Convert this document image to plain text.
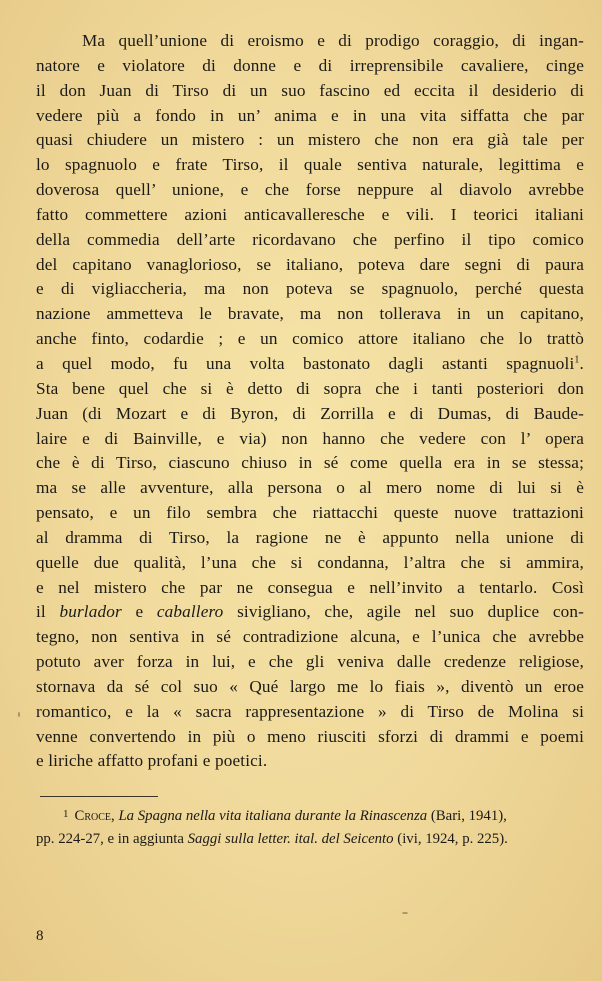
Ma quell’unione di eroismo e di prodigo coraggio, di ingan-
natore e violatore di donne e di irreprensibile cavaliere, cinge
il don Juan di Tirso di un suo fascino ed eccita il desiderio di
vedere più a fondo in un’ anima e in una vita siffatta che par
quasi chiudere un mistero : un mistero che non era già tale per
lo spagnuolo e frate Tirso, il quale sentiva naturale, legittima e
doverosa quell’ unione, e che forse neppure al diavolo avrebbe
fatto commettere azioni anticavalleresche e vili. I teorici italiani
della commedia dell’arte ricordavano che perfino il tipo comico
del capitano vanaglorioso, se italiano, poteva dare segni di paura
e di vigliaccheria, ma non poteva se spagnuolo, perché questa
nazione ammetteva le bravate, ma non tollerava in un capitano,
anche finto, codardie ; e un comico attore italiano che lo trattò
a quel modo, fu una volta bastonato dagli astanti spagnuoli$^1$.
Sta bene quel che si è detto di sopra che i tanti posteriori don
Juan (di Mozart e di Byron, di Zorrilla e di Dumas, di Baude-
laire e di Bainville, e via) non hanno che vedere con l’ opera
che è di Tirso, ciascuno chiuso in sé come quella era in se stessa;
ma se alle avventure, alla persona o al mero nome di lui si è
pensato, e un filo sembra che riattacchi queste nuove trattazioni
al dramma di Tirso, la ragione ne è appunto nella unione di
quelle due qualità, l’una che si condanna, l’altra che si ammira,
e nel mistero che par ne consegua e nell’invito a tentarlo. Così
il burlador e caballero sivigliano, che, agile nel suo duplice con-
tegno, non sentiva in sé contradizione alcuna, e l’unica che avrebbe
potuto aver forza in lui, e che gli veniva dalle credenze religiose,
stornava da sé col suo « Qué largo me lo fiais », diventò un eroe
romantico, e la « sacra rappresentazione » di Tirso de Molina si
venne convertendo in più o meno riusciti sforzi di drammi e poemi
e liriche affatto profani e poetici.
$^1$ Croce, La Spagna nella vita italiana durante la Rinascenza (Bari, 1941),
pp. 224-27, e in aggiunta Saggi sulla letter. ital. del Seicento (ivi, 1924, p. 225).

8
